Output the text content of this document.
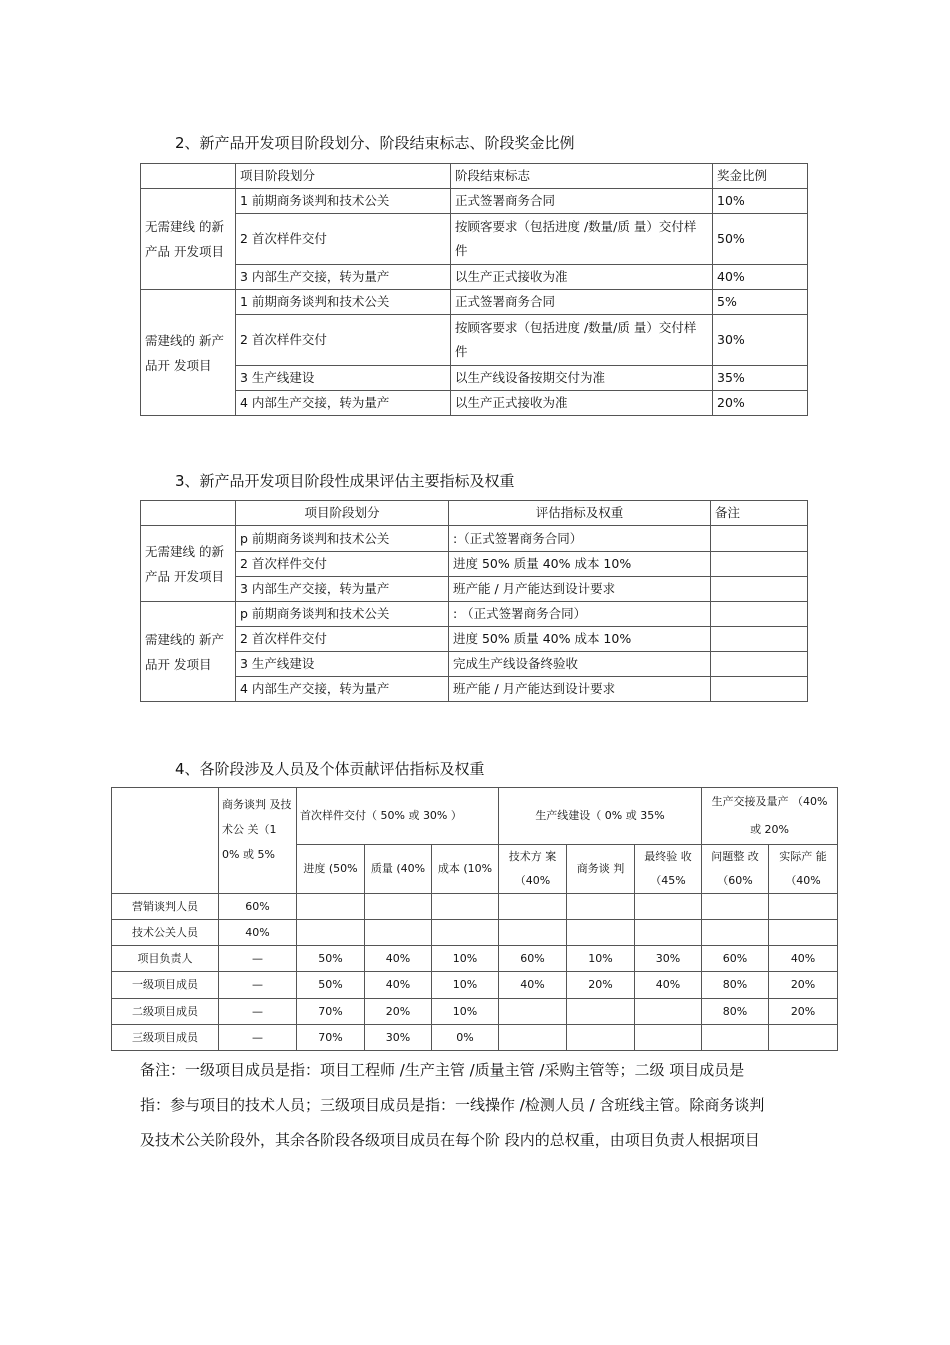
2、新产品开发项目阶段划分、阶段结束标志、阶段奖金比例
	项目阶段划分	阶段结束标志	奖金比例
无需建线 的新产品 开发项目	1 前期商务谈判和技术公关	正式签署商务合同	10%
	2 首次样件交付	按顾客要求（包括进度 /数量/质 量）交付样件	50%
	3 内部生产交接，转为量产	以生产正式接收为准	40%
需建线的 新产品开 发项目	1 前期商务谈判和技术公关	正式签署商务合同	5%
	2 首次样件交付	按顾客要求（包括进度 /数量/质 量）交付样件	30%
	3 生产线建设	以生产线设备按期交付为准	35%
	4 内部生产交接，转为量产	以生产正式接收为准	20%
3、新产品开发项目阶段性成果评估主要指标及权重
	项目阶段划分	评估指标及权重	备注
无需建线 的新产品 开发项目	p 前期商务谈判和技术公关	:（正式签署商务合同）	
	2 首次样件交付	进度 50% 质量 40% 成本 10%	
	3 内部生产交接，转为量产	班产能 / 月产能达到设计要求	
需建线的 新产品开 发项目	p 前期商务谈判和技术公关	: （正式签署商务合同）	
	2 首次样件交付	进度 50% 质量 40% 成本 10%	
	3 生产线建设	完成生产线设备终验收	
	4 内部生产交接，转为量产	班产能 / 月产能达到设计要求	
4、各阶段涉及人员及个体贡献评估指标及权重
	商务谈判 及技术公 关（10% 或 5%	首次样件交付（ 50% 或 30% ）			生产线建设（ 0% 或 35%			生产交接及量产 （40% 或 20%	
		进度 (50%	质量 (40%	成本 (10%	技术方 案（40%	商务谈 判	最终验 收（45%	问题整 改（60%	实际产 能（40%
营销谈判人员	60%								
技术公关人员	40%								
项目负责人	—	50%	40%	10%	60%	10%	30%	60%	40%
一级项目成员	—	50%	40%	10%	40%	20%	40%	80%	20%
二级项目成员	—	70%	20%	10%				80%	20%
三级项目成员	—	70%	30%	0%					

备注：一级项目成员是指：项目工程师 /生产主管 /质量主管 /采购主管等；二级 项目成员是

指：参与项目的技术人员；三级项目成员是指：一线操作 /检测人员 / 含班线主管。除商务谈判

及技术公关阶段外，其余各阶段各级项目成员在每个阶 段内的总权重，由项目负责人根据项目
